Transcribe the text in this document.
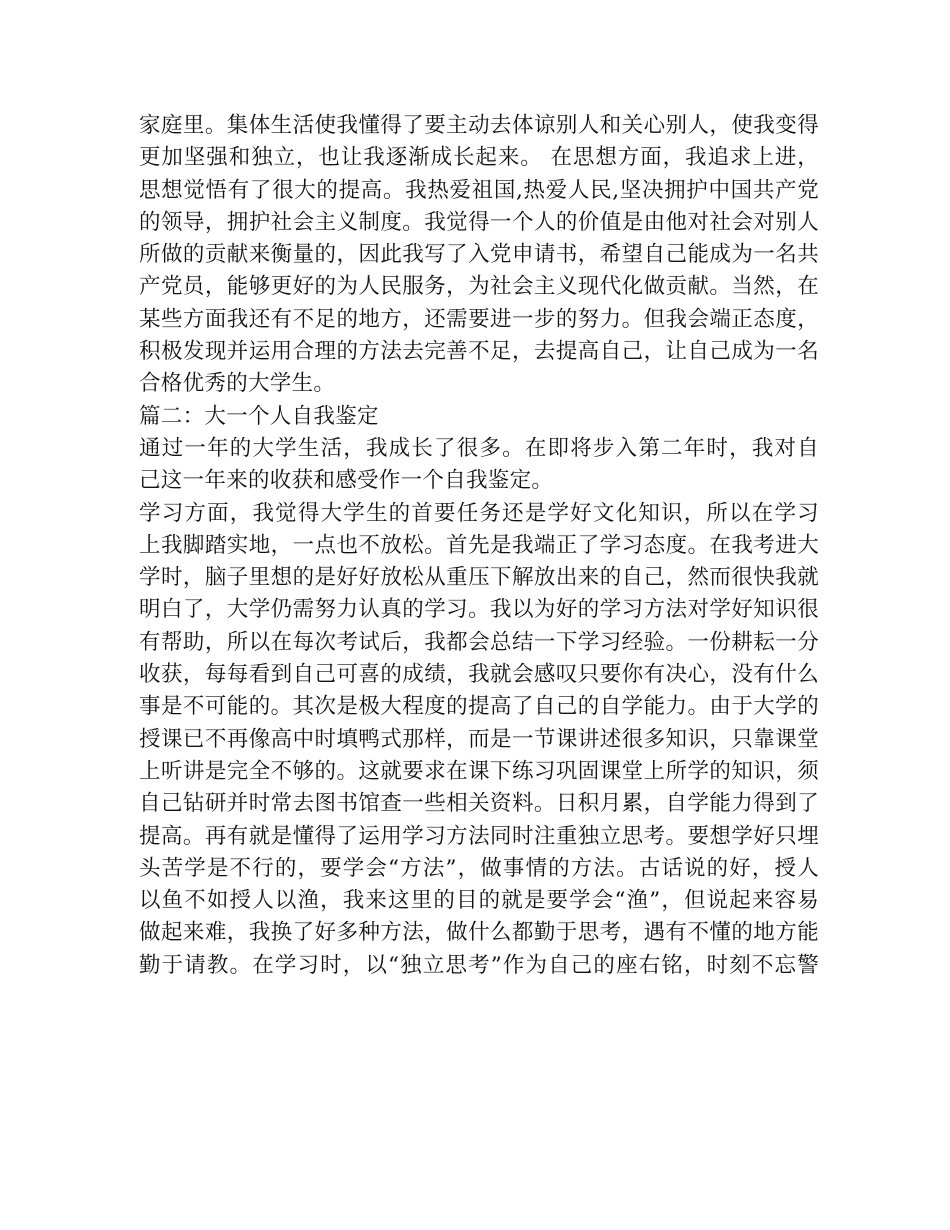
家庭里。集体生活使我懂得了要主动去体谅别人和关心别人，使我变得
更加坚强和独立，也让我逐渐成长起来。 在思想方面，我追求上进，
思想觉悟有了很大的提高。我热爱祖国,热爱人民,坚决拥护中国共产党
的领导，拥护社会主义制度。我觉得一个人的价值是由他对社会对别人
所做的贡献来衡量的，因此我写了入党申请书，希望自己能成为一名共
产党员，能够更好的为人民服务，为社会主义现代化做贡献。当然，在
某些方面我还有不足的地方，还需要进一步的努力。但我会端正态度，
积极发现并运用合理的方法去完善不足，去提高自己，让自己成为一名
合格优秀的大学生。
篇二：大一个人自我鉴定
通过一年的大学生活，我成长了很多。在即将步入第二年时，我对自
己这一年来的收获和感受作一个自我鉴定。
学习方面，我觉得大学生的首要任务还是学好文化知识，所以在学习
上我脚踏实地，一点也不放松。首先是我端正了学习态度。在我考进大
学时，脑子里想的是好好放松从重压下解放出来的自己，然而很快我就
明白了，大学仍需努力认真的学习。我以为好的学习方法对学好知识很
有帮助，所以在每次考试后，我都会总结一下学习经验。一份耕耘一分
收获，每每看到自己可喜的成绩，我就会感叹只要你有决心，没有什么
事是不可能的。其次是极大程度的提高了自己的自学能力。由于大学的
授课已不再像高中时填鸭式那样，而是一节课讲述很多知识，只靠课堂
上听讲是完全不够的。这就要求在课下练习巩固课堂上所学的知识，须
自己钻研并时常去图书馆查一些相关资料。日积月累，自学能力得到了
提高。再有就是懂得了运用学习方法同时注重独立思考。要想学好只埋
头苦学是不行的，要学会“方法”，做事情的方法。古话说的好，授人
以鱼不如授人以渔，我来这里的目的就是要学会“渔”，但说起来容易
做起来难，我换了好多种方法，做什么都勤于思考，遇有不懂的地方能
勤于请教。在学习时，以“独立思考”作为自己的座右铭，时刻不忘警
